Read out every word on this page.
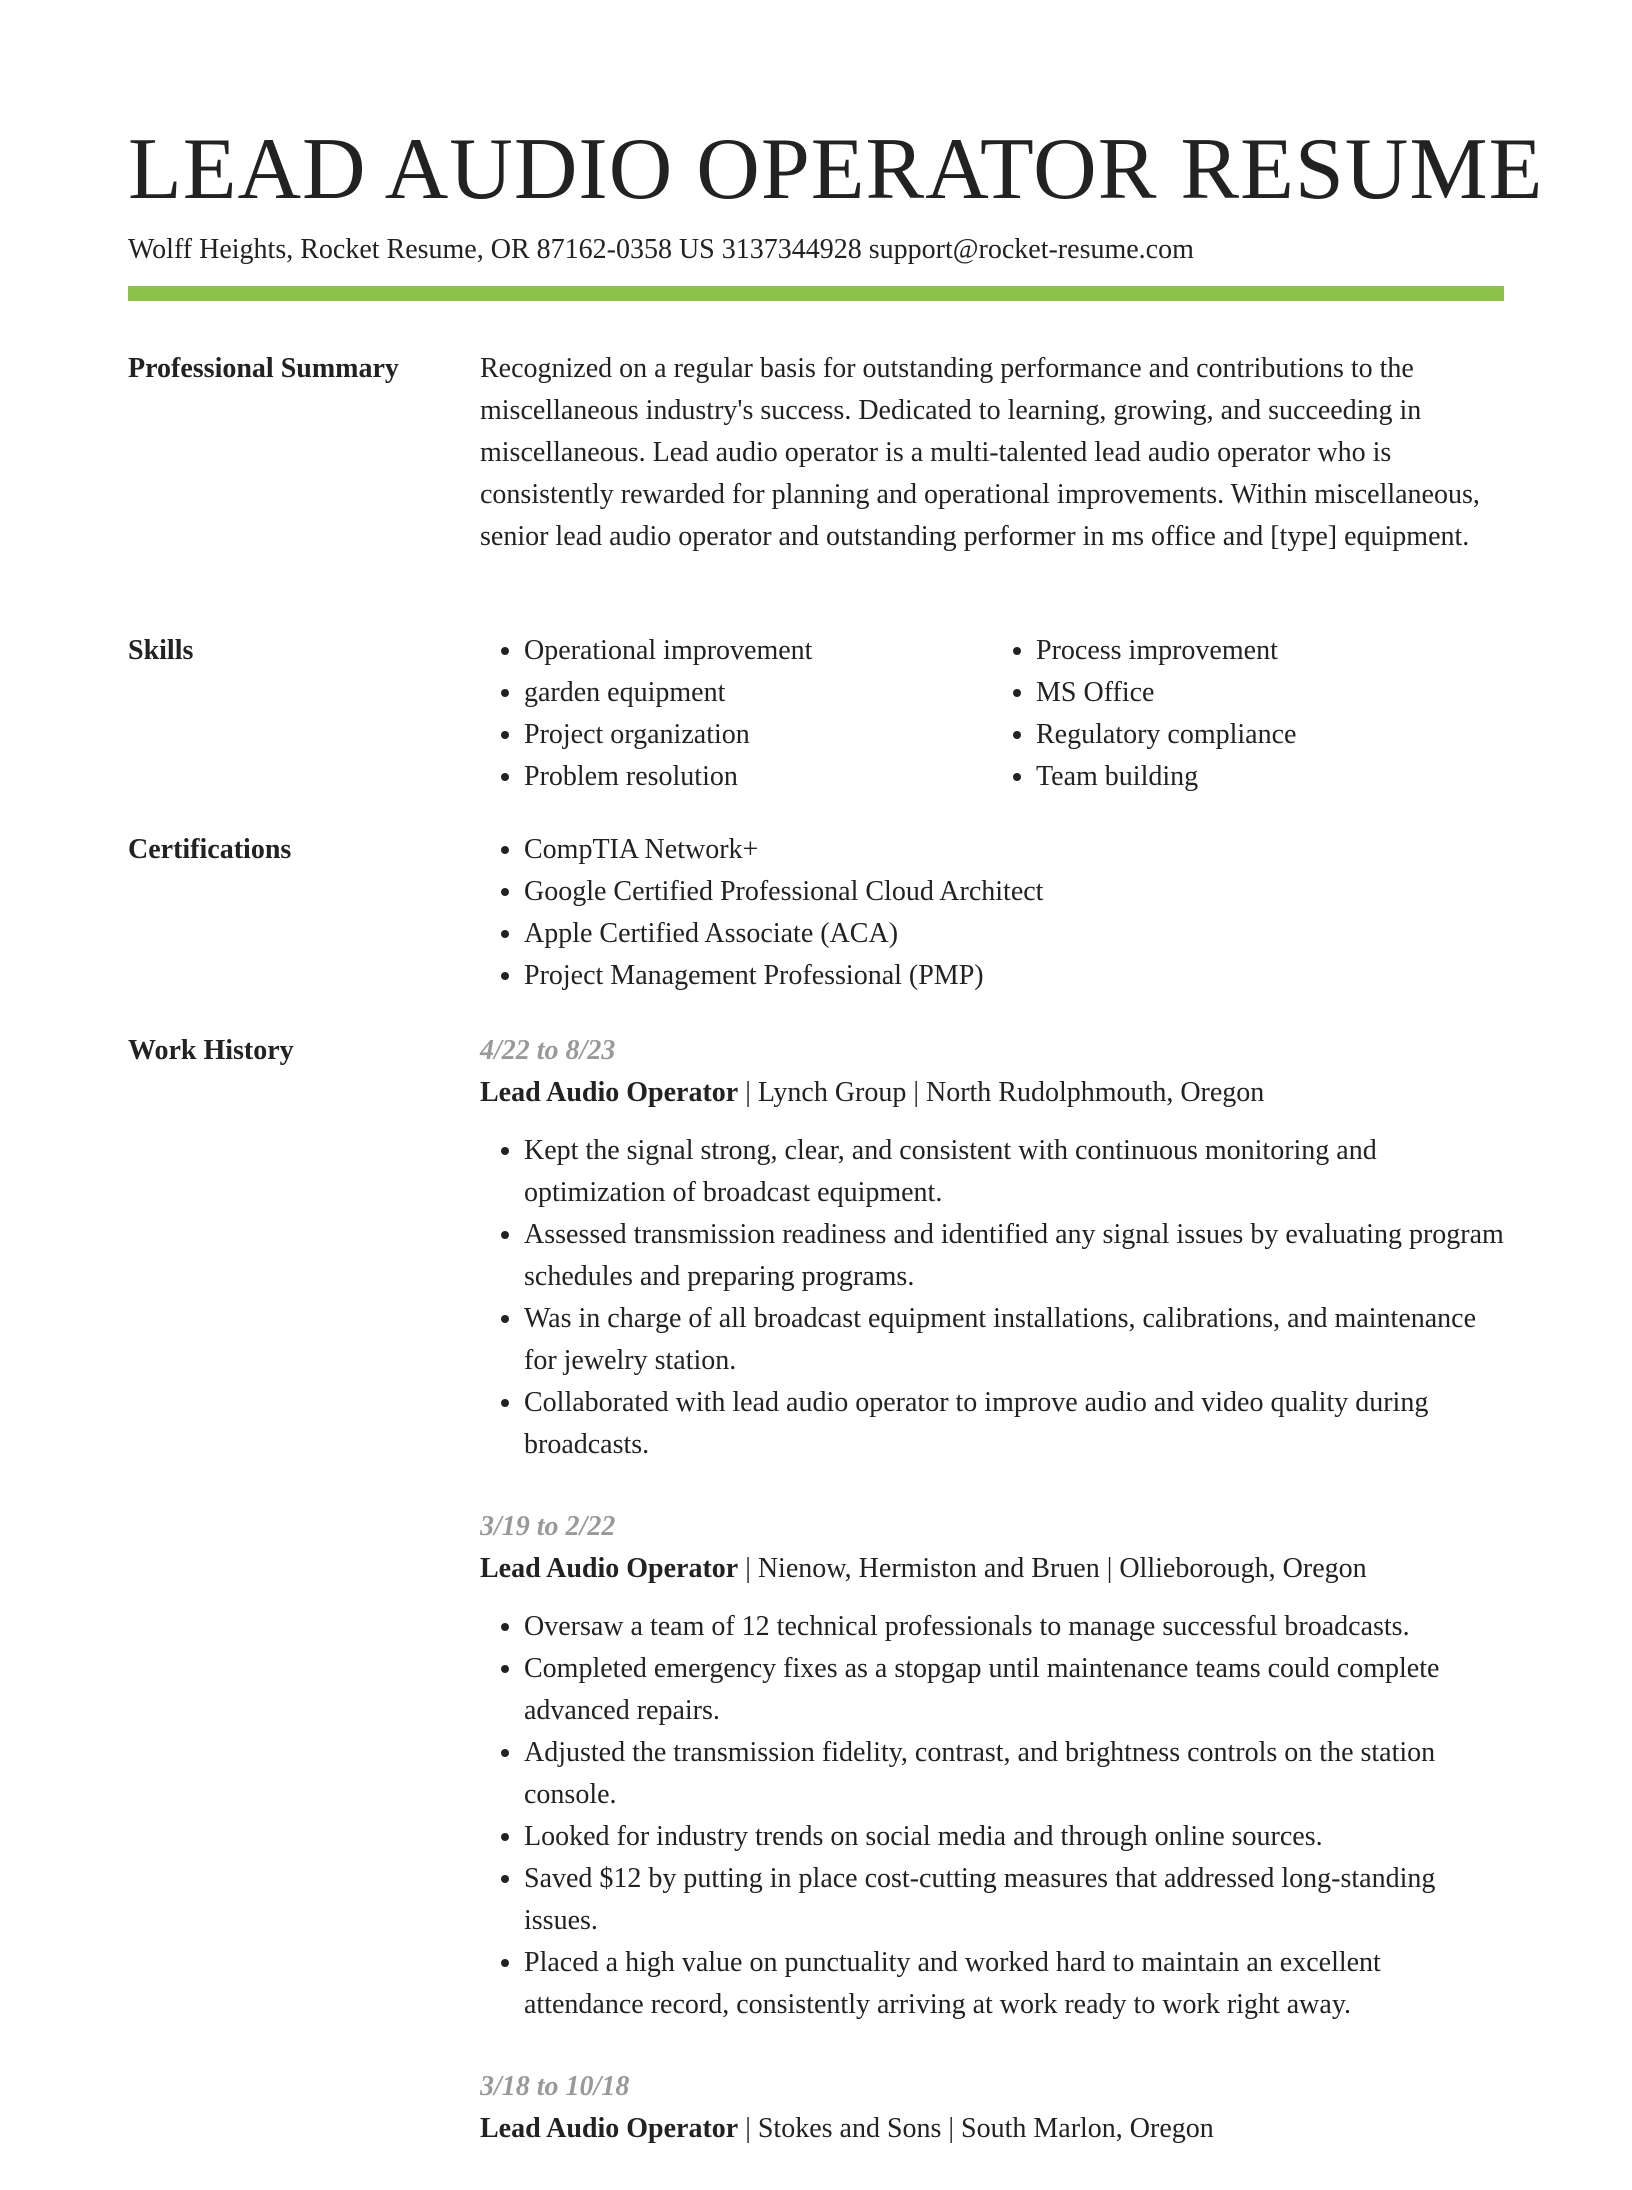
LEAD AUDIO OPERATOR RESUME
Wolff Heights, Rocket Resume, OR 87162-0358 US 3137344928 support@rocket-resume.com
Professional Summary	Recognized on a regular basis for outstanding performance and contributions to the miscellaneous industry's success. Dedicated to learning, growing, and succeeding in miscellaneous. Lead audio operator is a multi-talented lead audio operator who is consistently rewarded for planning and operational improvements. Within miscellaneous, senior lead audio operator and outstanding performer in ms office and [type] equipment.

Skills	• Operational improvement
• garden equipment
• Project organization
• Problem resolution
• Process improvement
• MS Office
• Regulatory compliance
• Team building
Certifications	• CompTIA Network+
• Google Certified Professional Cloud Architect
• Apple Certified Associate (ACA)
• Project Management Professional (PMP)
Work History	4/22 to 8/23
Lead Audio Operator | Lynch Group | North Rudolphmouth, Oregon
• Kept the signal strong, clear, and consistent with continuous monitoring and optimization of broadcast equipment.
• Assessed transmission readiness and identified any signal issues by evaluating program schedules and preparing programs.
• Was in charge of all broadcast equipment installations, calibrations, and maintenance for jewelry station.
• Collaborated with lead audio operator to improve audio and video quality during broadcasts.
3/19 to 2/22
Lead Audio Operator | Nienow, Hermiston and Bruen | Ollieborough, Oregon
• Oversaw a team of 12 technical professionals to manage successful broadcasts.
• Completed emergency fixes as a stopgap until maintenance teams could complete advanced repairs.
• Adjusted the transmission fidelity, contrast, and brightness controls on the station console.
• Looked for industry trends on social media and through online sources.
• Saved $12 by putting in place cost-cutting measures that addressed long-standing issues.
• Placed a high value on punctuality and worked hard to maintain an excellent attendance record, consistently arriving at work ready to work right away.
3/18 to 10/18
Lead Audio Operator | Stokes and Sons | South Marlon, Oregon
